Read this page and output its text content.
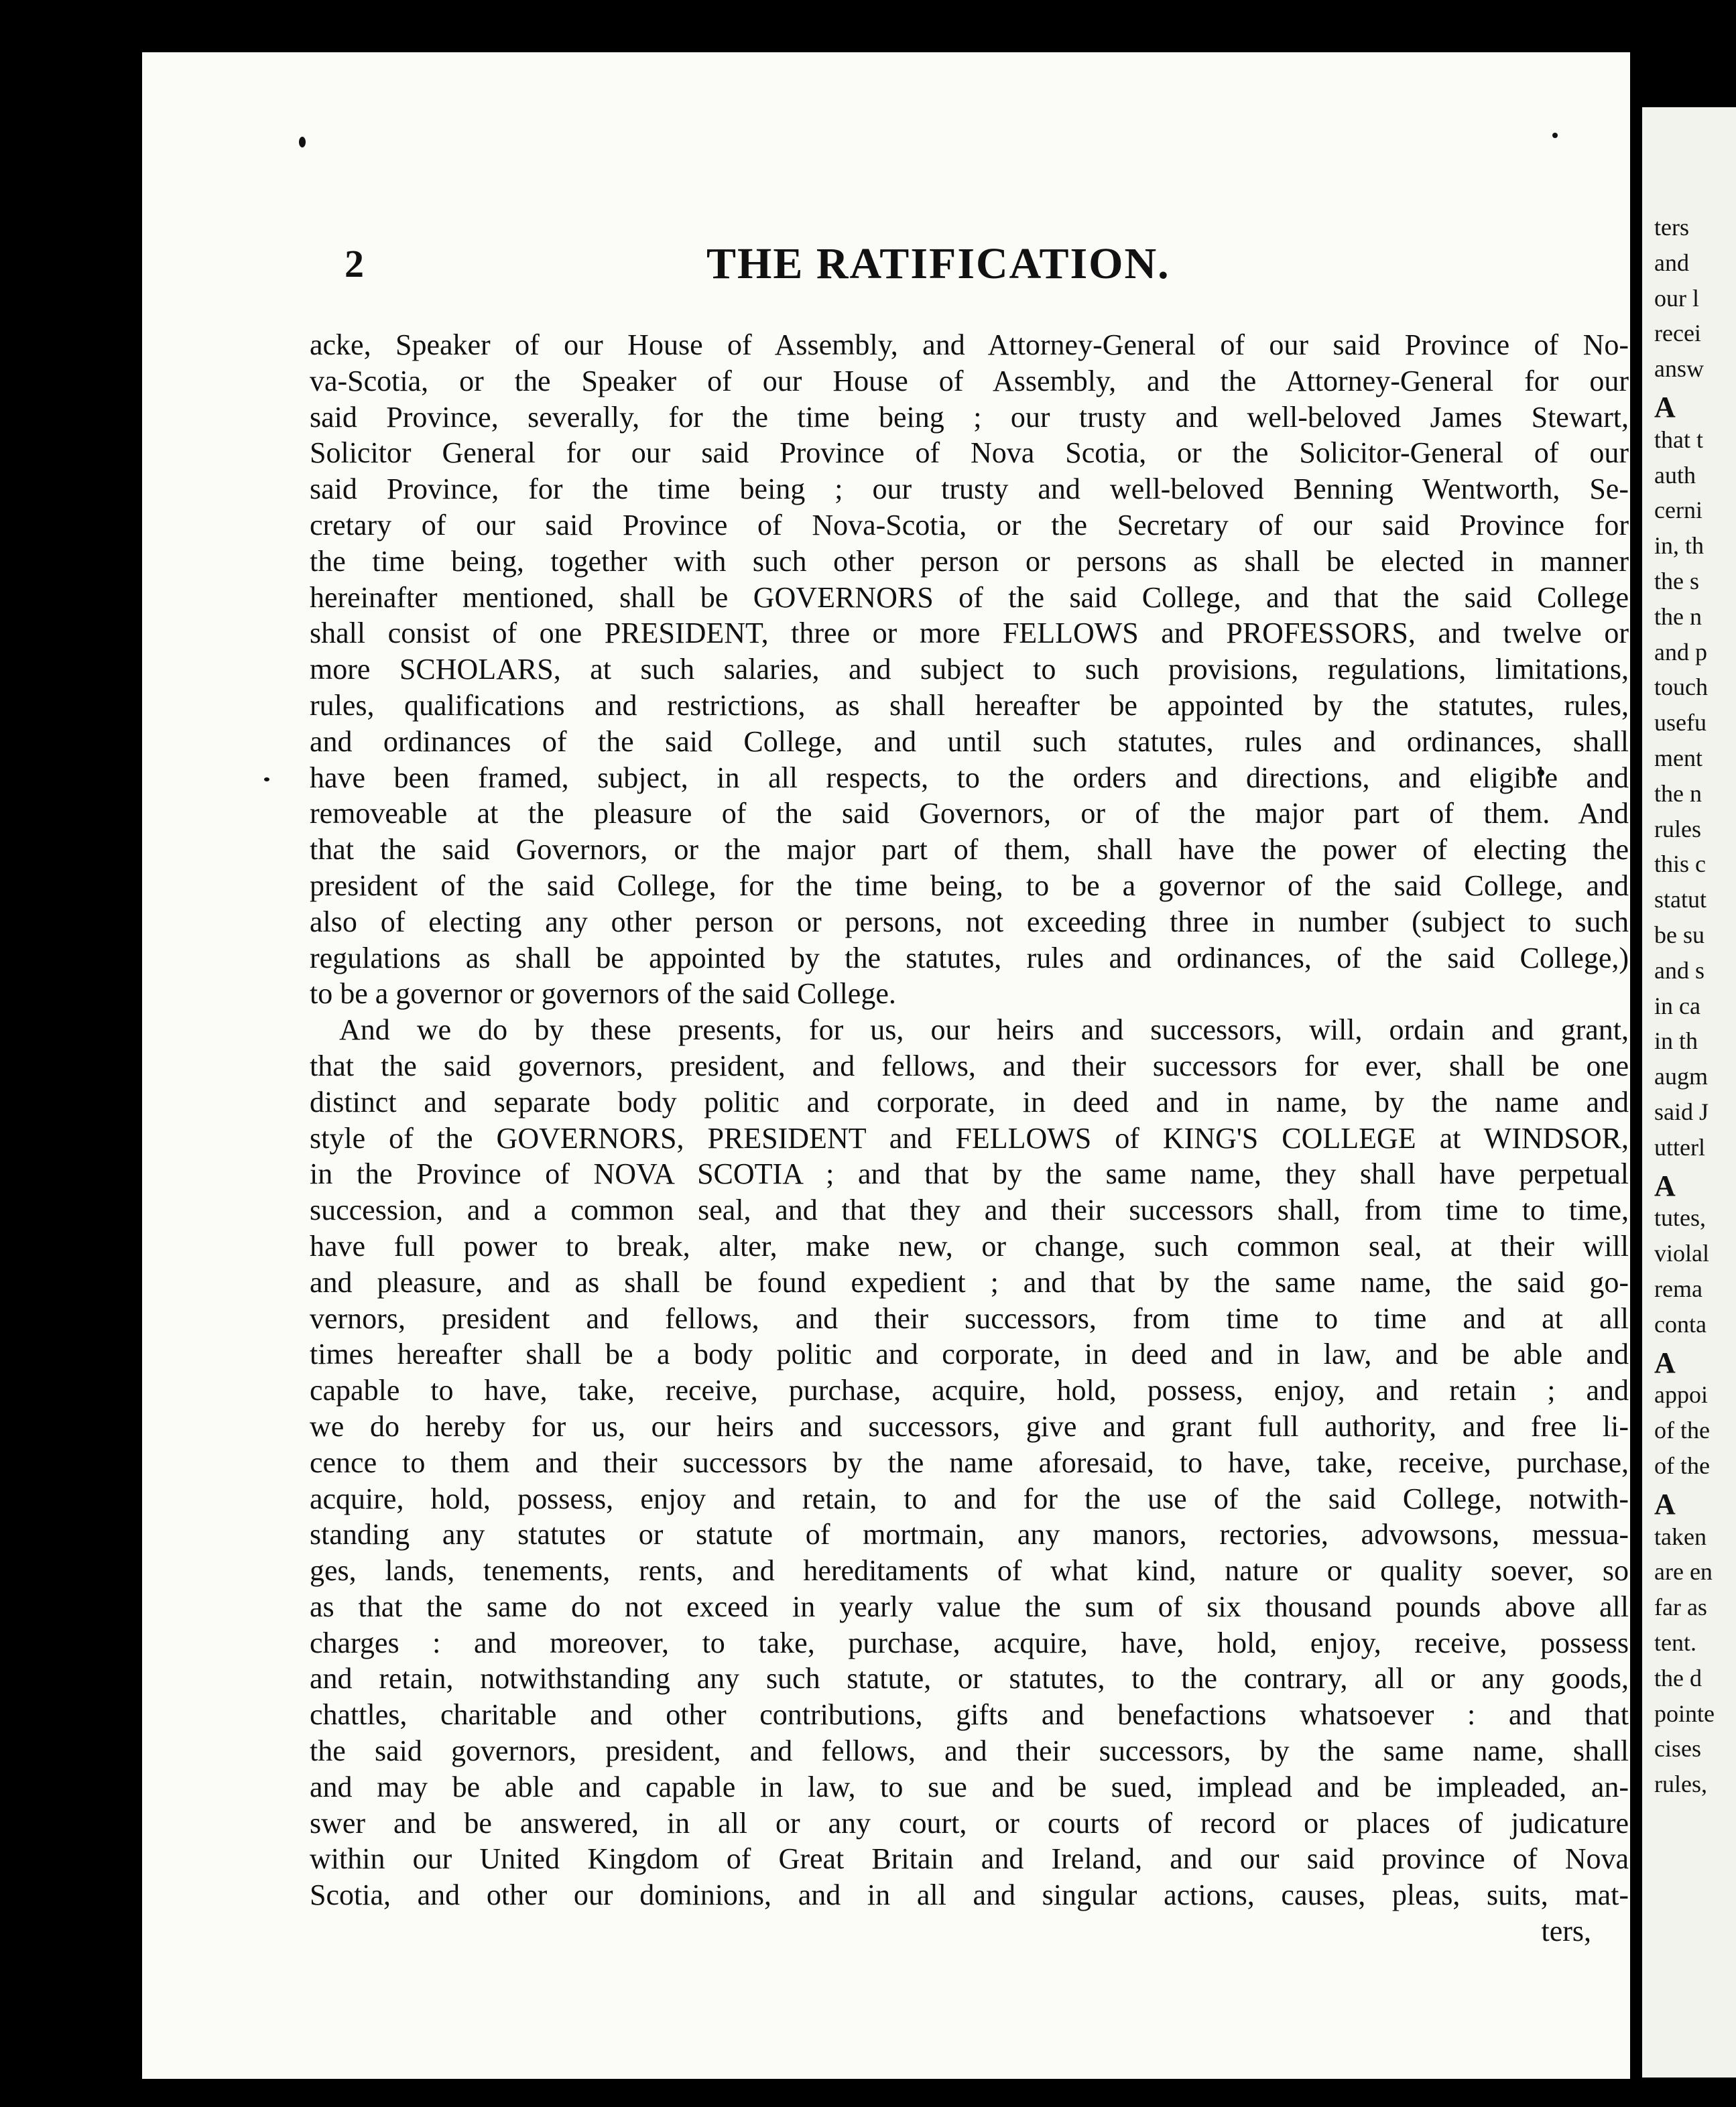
2	THE RATIFICATION.
acke, Speaker of our House of Assembly, and Attorney-General of our said Province of No-
va-Scotia, or the Speaker of our House of Assembly, and the Attorney-General for our
said Province, severally, for the time being ; our trusty and well-beloved James Stewart,
Solicitor General for our said Province of Nova Scotia, or the Solicitor-General of our
said Province, for the time being ; our trusty and well-beloved Benning Wentworth, Se-
cretary of our said Province of Nova-Scotia, or the Secretary of our said Province for
the time being, together with such other person or persons as shall be elected in manner
hereinafter mentioned, shall be GOVERNORS of the said College, and that the said College
shall consist of one PRESIDENT, three or more FELLOWS and PROFESSORS, and twelve or
more SCHOLARS, at such salaries, and subject to such provisions, regulations, limitations,
rules, qualifications and restrictions, as shall hereafter be appointed by the statutes, rules,
and ordinances of the said College, and until such statutes, rules and ordinances, shall
have been framed, subject, in all respects, to the orders and directions, and eligible and
removeable at the pleasure of the said Governors, or of the major part of them. And
that the said Governors, or the major part of them, shall have the power of electing the
president of the said College, for the time being, to be a governor of the said College, and
also of electing any other person or persons, not exceeding three in number (subject to such
regulations as shall be appointed by the statutes, rules and ordinances, of the said College,)
to be a governor or governors of the said College.
And we do by these presents, for us, our heirs and successors, will, ordain and grant,
that the said governors, president, and fellows, and their successors for ever, shall be one
distinct and separate body politic and corporate, in deed and in name, by the name and
style of the GOVERNORS, PRESIDENT and FELLOWS of KING'S COLLEGE at WINDSOR,
in the Province of NOVA SCOTIA ; and that by the same name, they shall have perpetual
succession, and a common seal, and that they and their successors shall, from time to time,
have full power to break, alter, make new, or change, such common seal, at their will
and pleasure, and as shall be found expedient ; and that by the same name, the said go-
vernors, president and fellows, and their successors, from time to time and at all
times hereafter shall be a body politic and corporate, in deed and in law, and be able and
capable to have, take, receive, purchase, acquire, hold, possess, enjoy, and retain ; and
we do hereby for us, our heirs and successors, give and grant full authority, and free li-
cence to them and their successors by the name aforesaid, to have, take, receive, purchase,
acquire, hold, possess, enjoy and retain, to and for the use of the said College, notwith-
standing any statutes or statute of mortmain, any manors, rectories, advowsons, messua-
ges, lands, tenements, rents, and hereditaments of what kind, nature or quality soever, so
as that the same do not exceed in yearly value the sum of six thousand pounds above all
charges : and moreover, to take, purchase, acquire, have, hold, enjoy, receive, possess
and retain, notwithstanding any such statute, or statutes, to the contrary, all or any goods,
chattles, charitable and other contributions, gifts and benefactions whatsoever : and that
the said governors, president, and fellows, and their successors, by the same name, shall
and may be able and capable in law, to sue and be sued, implead and be impleaded, an-
swer and be answered, in all or any court, or courts of record or places of judicature
within our United Kingdom of Great Britain and Ireland, and our said province of Nova
Scotia, and other our dominions, and in all and singular actions, causes, pleas, suits, mat-
ters,
ters
and
our l
recei
answ
A
that t
auth
cerni
in, th
the s
the n
and p
touch
usefu
ment
the n
rules
this c
statut
be su
and s
in ca
in th
augm
said J
utterl
A
tutes,
violal
rema
conta
A
appoi
of the
of the
A
taken
are en
far as
tent.
the d
pointe
cises
rules,
